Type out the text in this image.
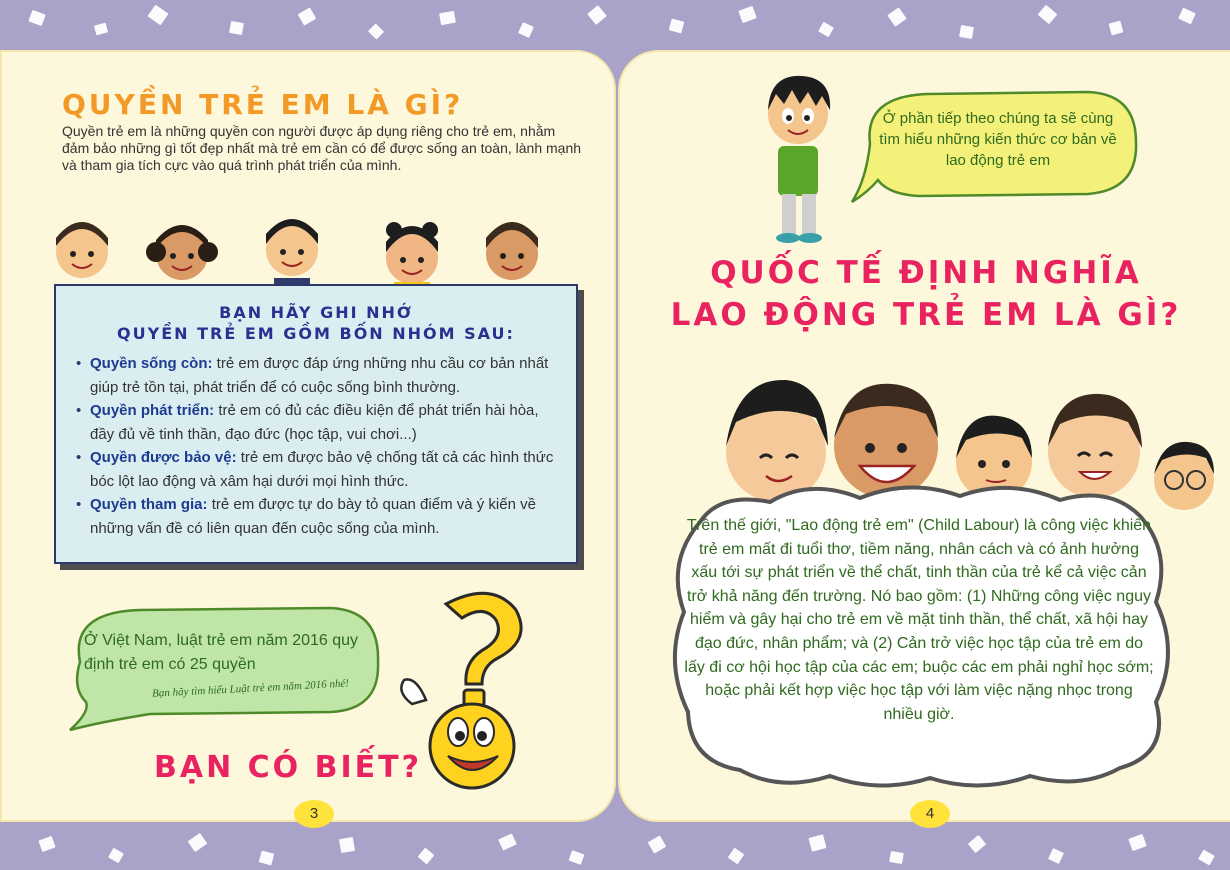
QUYỀN TRẺ EM LÀ GÌ?
Quyền trẻ em là những quyền con người được áp dụng riêng cho trẻ em, nhằm đảm bảo những gì tốt đẹp nhất mà trẻ em cần có để được sống an toàn, lành mạnh và tham gia tích cực vào quá trình phát triển của mình.
BẠN HÃY GHI NHỚ
QUYỀN TRẺ EM GỒM BỐN NHÓM SAU:
• Quyền sống còn: trẻ em được đáp ứng những nhu cầu cơ bản nhất giúp trẻ tồn tại, phát triển để có cuộc sống bình thường.
• Quyền phát triển: trẻ em có đủ các điều kiện để phát triển hài hòa, đầy đủ về tinh thần, đạo đức (học tập, vui chơi...)
• Quyền được bảo vệ: trẻ em được bảo vệ chống tất cả các hình thức bóc lột lao động và xâm hại dưới mọi hình thức.
• Quyền tham gia: trẻ em được tự do bày tỏ quan điểm và ý kiến về những vấn đề có liên quan đến cuộc sống của mình.
Ở Việt Nam, luật trẻ em năm 2016 quy định trẻ em có 25 quyền
Bạn hãy tìm hiểu Luật trẻ em năm 2016 nhé!
BẠN CÓ BIẾT?
3
Ở phần tiếp theo chúng ta sẽ cùng tìm hiểu những kiến thức cơ bản về lao động trẻ em
QUỐC TẾ ĐỊNH NGHĨA
LAO ĐỘNG TRẺ EM LÀ GÌ?
Trên thế giới, "Lao động trẻ em" (Child Labour) là công việc khiến trẻ em mất đi tuổi thơ, tiềm năng, nhân cách và có ảnh hưởng xấu tới sự phát triển về thể chất, tinh thần của trẻ kể cả việc cản trở khả năng đến trường. Nó bao gồm: (1) Những công việc nguy hiểm và gây hại cho trẻ em về mặt tinh thần, thể chất, xã hội hay đạo đức, nhân phẩm; và (2) Cản trở việc học tập của trẻ em do lấy đi cơ hội học tập của các em; buộc các em phải nghỉ học sớm; hoặc phải kết hợp việc học tập với làm việc nặng nhọc trong nhiều giờ.
4
